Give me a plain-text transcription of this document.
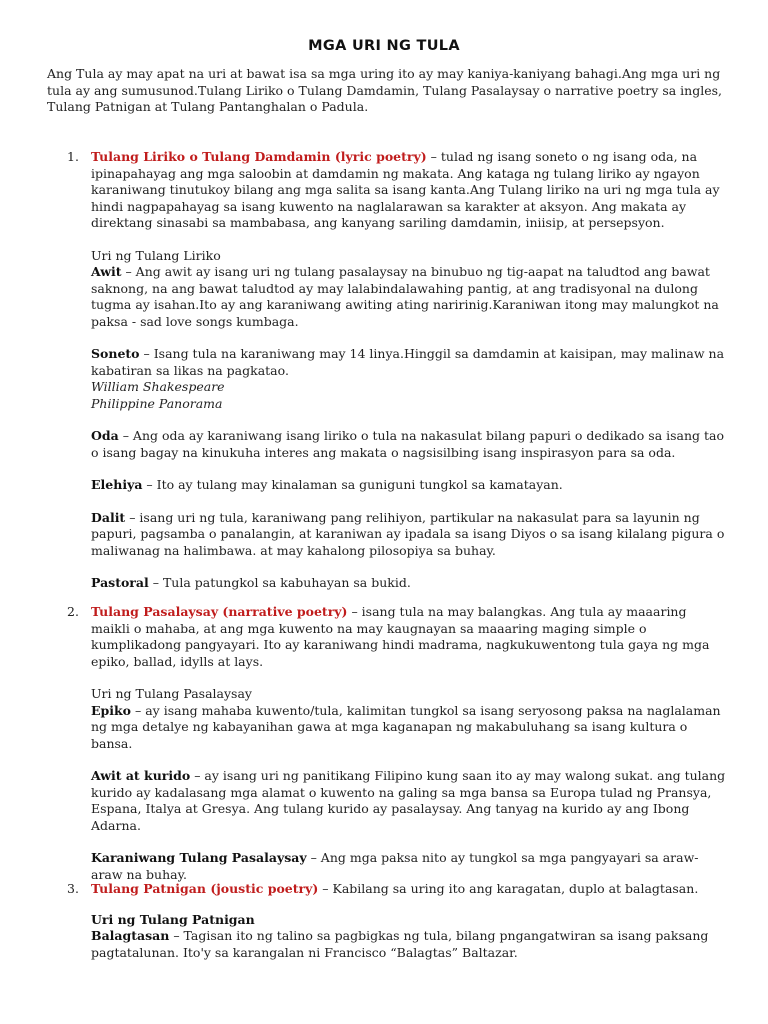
MGA URI NG TULA

Ang Tula ay may apat na uri at bawat isa sa mga uring ito ay may kaniya-kaniyang bahagi.Ang mga uri ng tula ay ang sumusunod.Tulang Liriko o Tulang Damdamin, Tulang Pasalaysay o narrative poetry sa ingles, Tulang Patnigan at Tulang Pantanghalan o Padula.

1. Tulang Liriko o Tulang Damdamin (lyric poetry) – tulad ng isang soneto o ng isang oda, na ipinapahayag ang mga saloobin at damdamin ng makata. Ang kataga ng tulang liriko ay ngayon karaniwang tinutukoy bilang ang mga salita sa isang kanta.Ang Tulang liriko na uri ng mga tula ay hindi nagpapahayag sa isang kuwento na naglalarawan sa karakter at aksyon. Ang makata ay direktang sinasabi sa mambabasa, ang kanyang sariling damdamin, iniisip, at persepsyon.

Uri ng Tulang Liriko

Awit – Ang awit ay isang uri ng tulang pasalaysay na binubuo ng tig-aapat na taludtod ang bawat saknong, na ang bawat taludtod ay may lalabindalawahing pantig, at ang tradisyonal na dulong tugma ay isahan.Ito ay ang karaniwang awiting ating naririnig.Karaniwan itong may malungkot na paksa - sad love songs kumbaga.

Soneto – Isang tula na karaniwang may 14 linya.Hinggil sa damdamin at kaisipan, may malinaw na kabatiran sa likas na pagkatao.

William Shakespeare

Philippine Panorama

Oda – Ang oda ay karaniwang isang liriko o tula na nakasulat bilang papuri o dedikado sa isang tao o isang bagay na kinukuha interes ang makata o nagsisilbing isang inspirasyon para sa oda.

Elehiya – Ito ay tulang may kinalaman sa guniguni tungkol sa kamatayan.

Dalit – isang uri ng tula, karaniwang pang relihiyon, partikular na nakasulat para sa layunin ng papuri, pagsamba o panalangin, at karaniwan ay ipadala sa isang Diyos o sa isang kilalang pigura o maliwanag na halimbawa. at may kahalong pilosopiya sa buhay.

Pastoral – Tula patungkol sa kabuhayan sa bukid.

2. Tulang Pasalaysay (narrative poetry) – isang tula na may balangkas. Ang tula ay maaaring maikli o mahaba, at ang mga kuwento na may kaugnayan sa maaaring maging simple o kumplikadong pangyayari. Ito ay karaniwang hindi madrama, nagkukuwentong tula gaya ng mga epiko, ballad, idylls at lays.

Uri ng Tulang Pasalaysay

Epiko – ay isang mahaba kuwento/tula, kalimitan tungkol sa isang seryosong paksa na naglalaman ng mga detalye ng kabayanihan gawa at mga kaganapan ng makabuluhang sa isang kultura o bansa.

Awit at kurido – ay isang uri ng panitikang Filipino kung saan ito ay may walong sukat. ang tulang kurido ay kadalasang mga alamat o kuwento na galing sa mga bansa sa Europa tulad ng Pransya, Espana, Italya at Gresya. Ang tulang kurido ay pasalaysay. Ang tanyag na kurido ay ang Ibong Adarna.

Karaniwang Tulang Pasalaysay – Ang mga paksa nito ay tungkol sa mga pangyayari sa araw-araw na buhay.

3. Tulang Patnigan (joustic poetry) – Kabilang sa uring ito ang karagatan, duplo at balagtasan.

Uri ng Tulang Patnigan

Balagtasan – Tagisan ito ng talino sa pagbigkas ng tula, bilang pngangatwiran sa isang paksang pagtatalunan. Ito'y sa karangalan ni Francisco “Balagtas” Baltazar.
